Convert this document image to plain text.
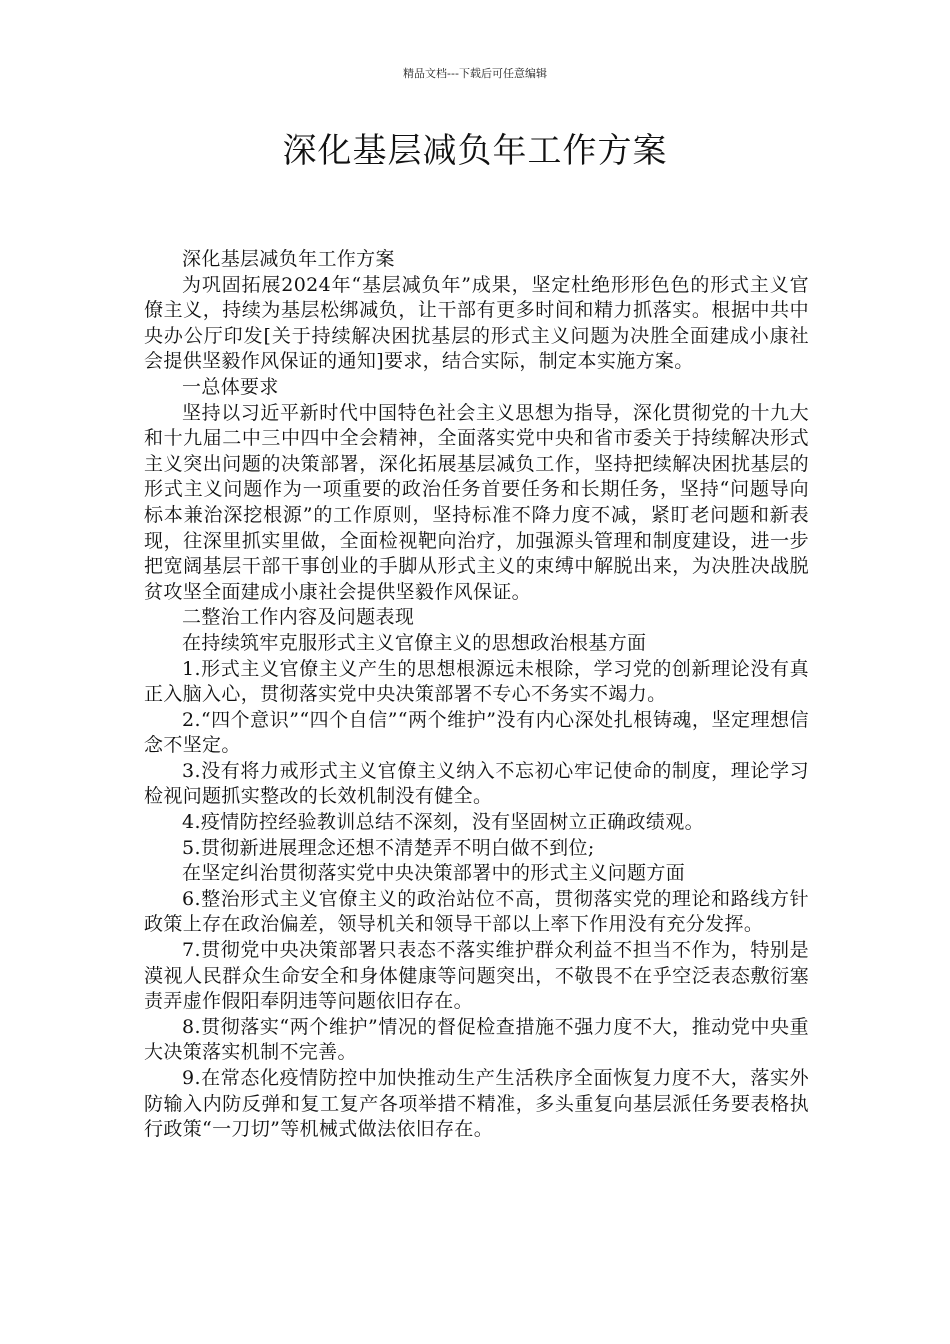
精品文档---下载后可任意编辑
深化基层减负年工作方案

深化基层减负年工作方案

为巩固拓展2024年“基层减负年”成果，坚定杜绝形形色色的形式主义官僚主义，持续为基层松绑减负，让干部有更多时间和精力抓落实。根据中共中央办公厅印发[关于持续解决困扰基层的形式主义问题为决胜全面建成小康社会提供坚毅作风保证的通知]要求，结合实际，制定本实施方案。

一总体要求

坚持以习近平新时代中国特色社会主义思想为指导，深化贯彻党的十九大和十九届二中三中四中全会精神，全面落实党中央和省市委关于持续解决形式主义突出问题的决策部署，深化拓展基层减负工作，坚持把续解决困扰基层的形式主义问题作为一项重要的政治任务首要任务和长期任务，坚持“问题导向标本兼治深挖根源”的工作原则，坚持标准不降力度不减，紧盯老问题和新表现，往深里抓实里做，全面检视靶向治疗，加强源头管理和制度建设，进一步把宽阔基层干部干事创业的手脚从形式主义的束缚中解脱出来，为决胜决战脱贫攻坚全面建成小康社会提供坚毅作风保证。

二整治工作内容及问题表现

在持续筑牢克服形式主义官僚主义的思想政治根基方面

1.形式主义官僚主义产生的思想根源远未根除，学习党的创新理论没有真正入脑入心，贯彻落实党中央决策部署不专心不务实不竭力。

2.“四个意识”“四个自信”“两个维护”没有内心深处扎根铸魂，坚定理想信念不坚定。

3.没有将力戒形式主义官僚主义纳入不忘初心牢记使命的制度，理论学习检视问题抓实整改的长效机制没有健全。

4.疫情防控经验教训总结不深刻，没有坚固树立正确政绩观。

5.贯彻新进展理念还想不清楚弄不明白做不到位;

在坚定纠治贯彻落实党中央决策部署中的形式主义问题方面

6.整治形式主义官僚主义的政治站位不高，贯彻落实党的理论和路线方针政策上存在政治偏差，领导机关和领导干部以上率下作用没有充分发挥。

7.贯彻党中央决策部署只表态不落实维护群众利益不担当不作为，特别是漠视人民群众生命安全和身体健康等问题突出，不敬畏不在乎空泛表态敷衍塞责弄虚作假阳奉阴违等问题依旧存在。

8.贯彻落实“两个维护”情况的督促检查措施不强力度不大，推动党中央重大决策落实机制不完善。

9.在常态化疫情防控中加快推动生产生活秩序全面恢复力度不大，落实外防输入内防反弹和复工复产各项举措不精准，多头重复向基层派任务要表格执行政策“一刀切”等机械式做法依旧存在。
